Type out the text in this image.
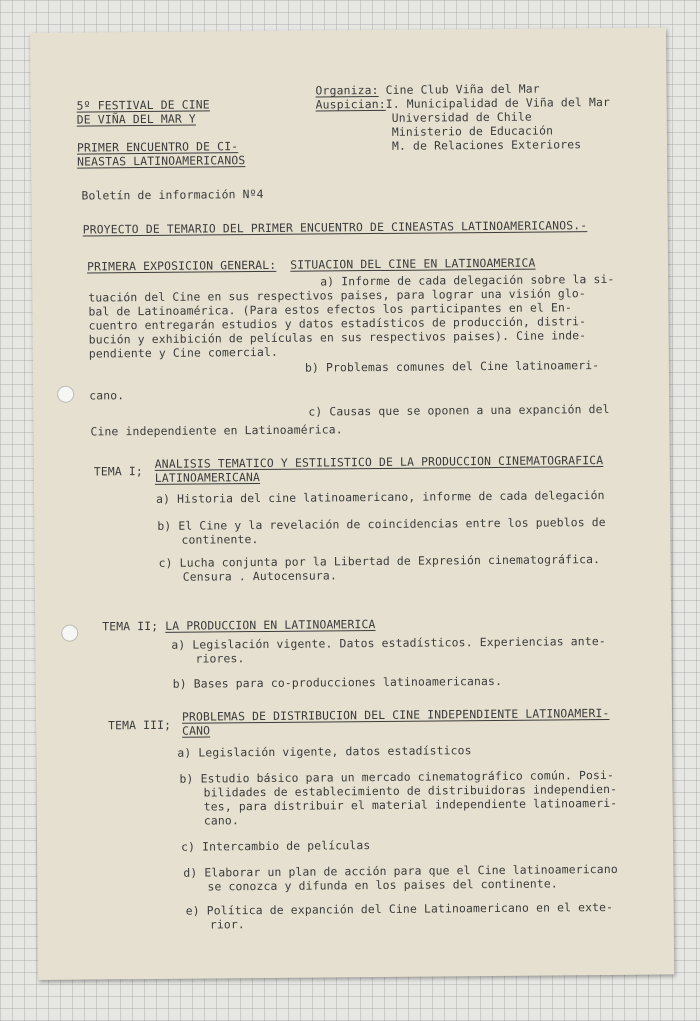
5º FESTIVAL DE CINE
DE VIÑA DEL MAR Y
PRIMER ENCUENTRO DE CI-
NEASTAS LATINOAMERICANOS
Organiza: Cine Club Viña del Mar
Auspician:I. Municipalidad de Viña del Mar
Universidad de Chile
Ministerio de Educación
M. de Relaciones Exteriores

Boletín de información Nº4

PROYECTO DE TEMARIO DEL PRIMER ENCUENTRO DE CINEASTAS LATINOAMERICANOS.-

PRIMERA EXPOSICION GENERAL: SITUACION DEL CINE EN LATINOAMERICA

a) Informe de cada delegación sobre la si-
tuación del Cine en sus respectivos paises, para lograr una visión glo-
bal de Latinoamérica. (Para estos efectos los participantes en el En-
cuentro entregarán estudios y datos estadísticos de producción, distri-
bución y exhibición de películas en sus respectivos paises). Cine inde-
pendiente y Cine comercial.

b) Problemas comunes del Cine latinoameri-

cano.

c) Causas que se oponen a una expanción del

Cine independiente en Latinoamérica.

TEMA I;

ANALISIS TEMATICO Y ESTILISTICO DE LA PRODUCCION CINEMATOGRAFICA
LATINOAMERICANA

a) Historia del cine latinoamericano, informe de cada delegación

b) El Cine y la revelación de coincidencias entre los pueblos de
continente.
c) Lucha conjunta por la Libertad de Expresión cinematográfica.
Censura . Autocensura.

TEMA II; LA PRODUCCION EN LATINOAMERICA

a) Legislación vigente. Datos estadísticos. Experiencias ante-
riores.

b) Bases para co-producciones latinoamericanas.

TEMA III;

PROBLEMAS DE DISTRIBUCION DEL CINE INDEPENDIENTE LATINOAMERI-
CANO

a) Legislación vigente, datos estadísticos

b) Estudio básico para un mercado cinematográfico común. Posi-
bilidades de establecimiento de distribuidoras independien-
tes, para distribuir el material independiente latinoameri-
cano.

c) Intercambio de películas

d) Elaborar un plan de acción para que el Cine latinoamericano
se conozca y difunda en los paises del continente.
e) Política de expanción del Cine Latinoamericano en el exte-
rior.
